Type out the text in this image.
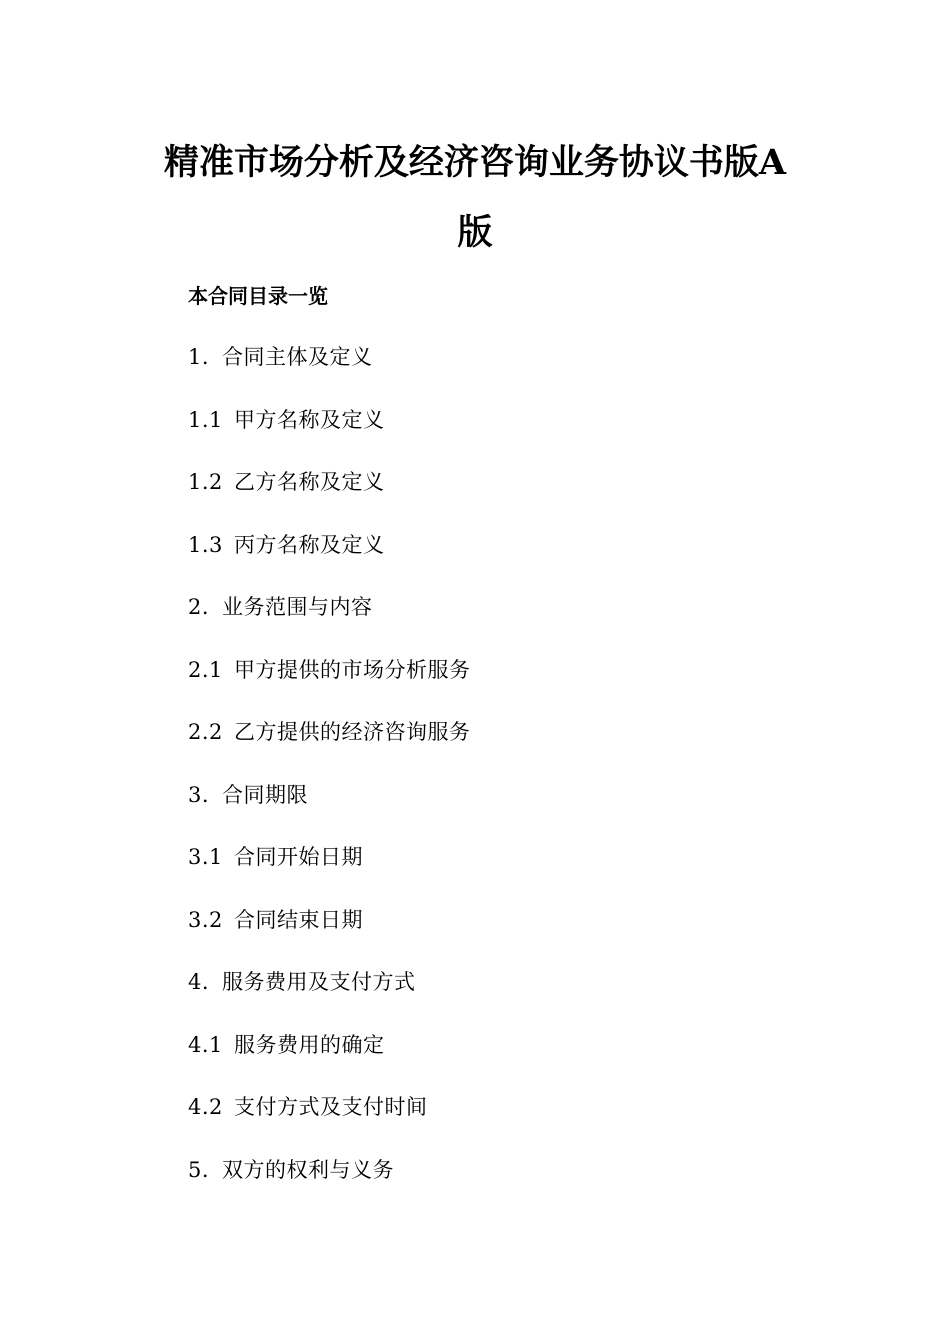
精准市场分析及经济咨询业务协议书版A
版
本合同目录一览
1. 合同主体及定义
1.1 甲方名称及定义
1.2 乙方名称及定义
1.3 丙方名称及定义
2. 业务范围与内容
2.1 甲方提供的市场分析服务
2.2 乙方提供的经济咨询服务
3. 合同期限
3.1 合同开始日期
3.2 合同结束日期
4. 服务费用及支付方式
4.1 服务费用的确定
4.2 支付方式及支付时间
5. 双方的权利与义务
